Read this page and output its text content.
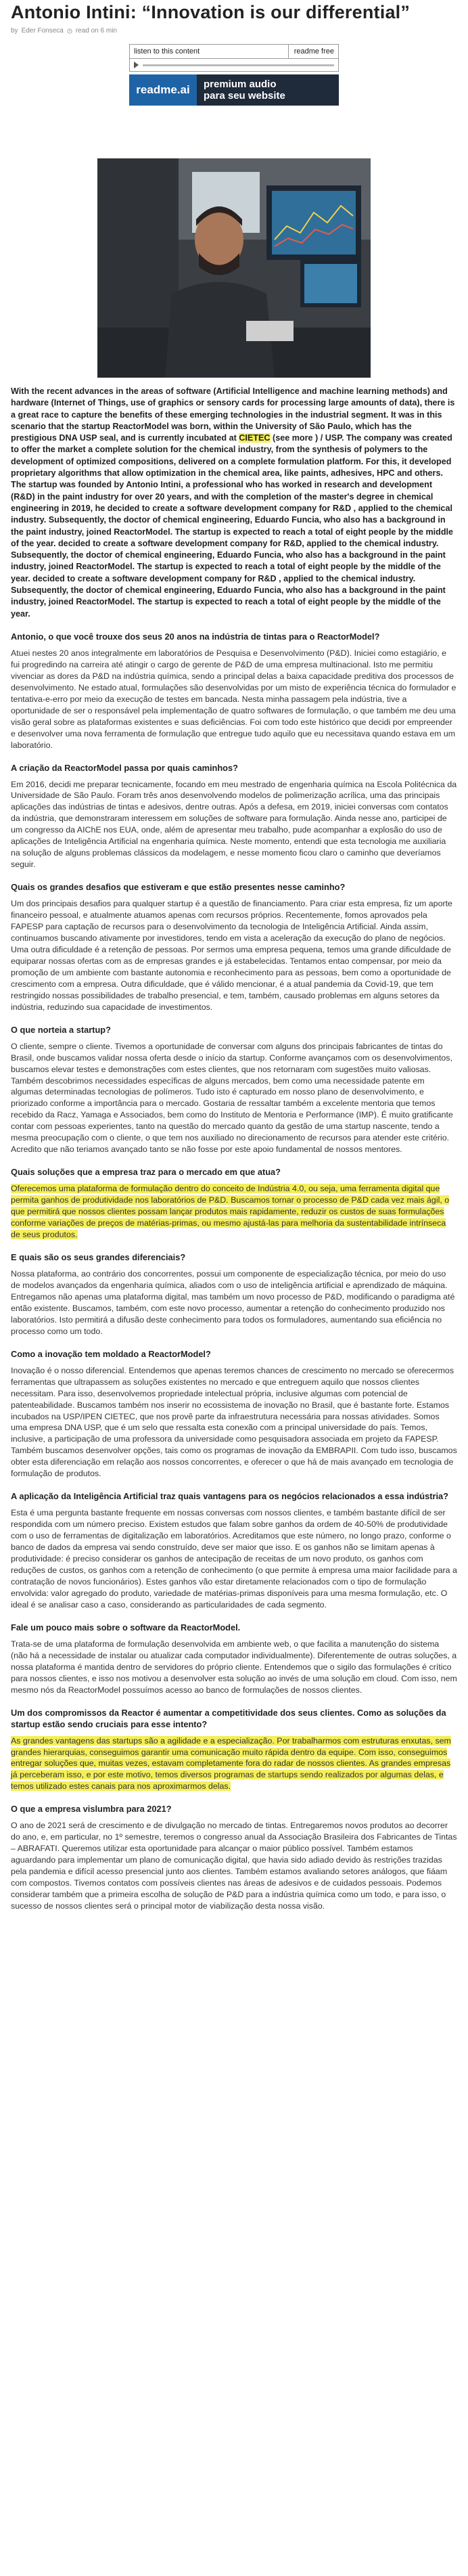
Antonio Intini: “Innovation is our differential”
by Eder Fonseca read on 6 min
listen to this content	readme free
readme.ai	premium audio
para seu website

With the recent advances in the areas of software (Artificial Intelligence and machine learning methods) and hardware (Internet of Things, use of graphics or sensory cards for processing large amounts of data), there is a great race to capture the benefits of these emerging technologies in the industrial segment. It was in this scenario that the startup ReactorModel was born, within the University of São Paulo, which has the prestigious DNA USP seal, and is currently incubated at CIETEC (see more ) / USP. The company was created to offer the market a complete solution for the chemical industry, from the synthesis of polymers to the development of optimized compositions, delivered on a complete formulation platform. For this, it developed proprietary algorithms that allow optimization in the chemical area, like paints, adhesives, HPC and others. The startup was founded by Antonio Intini, a professional who has worked in research and development (R&D) in the paint industry for over 20 years, and with the completion of the master's degree in chemical engineering in 2019, he decided to create a software development company for R&D , applied to the chemical industry. Subsequently, the doctor of chemical engineering, Eduardo Funcia, who also has a background in the paint industry, joined ReactorModel. The startup is expected to reach a total of eight people by the middle of the year. decided to create a software development company for R&D, applied to the chemical industry. Subsequently, the doctor of chemical engineering, Eduardo Funcia, who also has a background in the paint industry, joined ReactorModel. The startup is expected to reach a total of eight people by the middle of the year. decided to create a software development company for R&D , applied to the chemical industry. Subsequently, the doctor of chemical engineering, Eduardo Funcia, who also has a background in the paint industry, joined ReactorModel. The startup is expected to reach a total of eight people by the middle of the year.

Antonio, o que você trouxe dos seus 20 anos na indústria de tintas para o ReactorModel?

Atuei nestes 20 anos integralmente em laboratórios de Pesquisa e Desenvolvimento (P&D). Iniciei como estagiário, e fui progredindo na carreira até atingir o cargo de gerente de P&D de uma empresa multinacional. Isto me permitiu vivenciar as dores da P&D na indústria química, sendo a principal delas a baixa capacidade preditiva dos processos de desenvolvimento. Ne estado atual, formulações são desenvolvidas por um misto de experiência técnica do formulador e tentativa-e-erro por meio da execução de testes em bancada. Nesta minha passagem pela indústria, tive a oportunidade de ser o responsável pela implementação de quatro softwares de formulação, o que também me deu uma visão geral sobre as plataformas existentes e suas deficiências. Foi com todo este histórico que decidi por empreender e desenvolver uma nova ferramenta de formulação que entregue tudo aquilo que eu necessitava quando estava em um laboratório.

A criação da ReactorModel passa por quais caminhos?

Em 2016, decidi me preparar tecnicamente, focando em meu mestrado de engenharia química na Escola Politécnica da Universidade de São Paulo. Foram três anos desenvolvendo modelos de polimerização acrílica, uma das principais aplicações das indústrias de tintas e adesivos, dentre outras. Após a defesa, em 2019, iniciei conversas com contatos da indústria, que demonstraram interessem em soluções de software para formulação. Ainda nesse ano, participei de um congresso da AIChE nos EUA, onde, além de apresentar meu trabalho, pude acompanhar a explosão do uso de aplicações de Inteligência Artificial na engenharia química. Neste momento, entendi que esta tecnologia me auxiliaria na solução de alguns problemas clássicos da modelagem, e nesse momento ficou claro o caminho que deveríamos seguir.

Quais os grandes desafios que estiveram e que estão presentes nesse caminho?

Um dos principais desafios para qualquer startup é a questão de financiamento. Para criar esta empresa, fiz um aporte financeiro pessoal, e atualmente atuamos apenas com recursos próprios. Recentemente, fomos aprovados pela FAPESP para captação de recursos para o desenvolvimento da tecnologia de Inteligência Artificial. Ainda assim, continuamos buscando ativamente por investidores, tendo em vista a aceleração da execução do plano de negócios. Uma outra dificuldade é a retenção de pessoas. Por sermos uma empresa pequena, temos uma grande dificuldade de equiparar nossas ofertas com as de empresas grandes e já estabelecidas. Tentamos entao compensar, por meio da promoção de um ambiente com bastante autonomia e reconhecimento para as pessoas, bem como a oportunidade de crescimento com a empresa. Outra dificuldade, que é válido mencionar, é a atual pandemia da Covid-19, que tem restringido nossas possibilidades de trabalho presencial, e tem, também, causado problemas em alguns setores da indústria, reduzindo sua capacidade de investimentos.

O que norteia a startup?

O cliente, sempre o cliente. Tivemos a oportunidade de conversar com alguns dos principais fabricantes de tintas do Brasil, onde buscamos validar nossa oferta desde o início da startup. Conforme avançamos com os desenvolvimentos, buscamos elevar testes e demonstrações com estes clientes, que nos retornaram com sugestões muito valiosas. Também descobrimos necessidades específicas de alguns mercados, bem como uma necessidade patente em algumas determinadas tecnologias de polímeros. Tudo isto é capturado em nosso plano de desenvolvimento, e priorizado conforme a importância para o mercado. Gostaria de ressaltar também a excelente mentoria que temos recebido da Racz, Yamaga e Associados, bem como do Instituto de Mentoria e Performance (IMP). É muito gratificante contar com pessoas experientes, tanto na questão do mercado quanto da gestão de uma startup nascente, tendo a mesma preocupação com o cliente, o que tem nos auxiliado no direcionamento de recursos para atender este critério. Acredito que não teriamos avançado tanto se não fosse por este apoio fundamental de nossos mentores.

Quais soluções que a empresa traz para o mercado em que atua?

Oferecemos uma plataforma de formulação dentro do conceito de Indústria 4.0, ou seja, uma ferramenta digital que permita ganhos de produtividade nos laboratórios de P&D. Buscamos tornar o processo de P&D cada vez mais ágil, o que permitirá que nossos clientes possam lançar produtos mais rapidamente, reduzir os custos de suas formulações conforme variações de preços de matérias-primas, ou mesmo ajustá-las para melhoria da sustentabilidade intrínseca de seus produtos.

E quais são os seus grandes diferenciais?

Nossa plataforma, ao contrário dos concorrentes, possui um componente de especialização técnica, por meio do uso de modelos avançados da engenharia química, aliados com o uso de inteligência artificial e aprendizado de máquina. Entregamos não apenas uma plataforma digital, mas também um novo processo de P&D, modificando o paradigma até então existente. Buscamos, também, com este novo processo, aumentar a retenção do conhecimento produzido nos laboratórios. Isto permitirá a difusão deste conhecimento para todos os formuladores, aumentando sua eficiência no processo como um todo.

Como a inovação tem moldado a ReactorModel?

Inovação é o nosso diferencial. Entendemos que apenas teremos chances de crescimento no mercado se oferecermos ferramentas que ultrapassem as soluções existentes no mercado e que entreguem aquilo que nossos clientes necessitam. Para isso, desenvolvemos propriedade intelectual própria, inclusive algumas com potencial de patenteabilidade. Buscamos também nos inserir no ecossistema de inovação no Brasil, que é bastante forte. Estamos incubados na USP/IPEN CIETEC, que nos provê parte da infraestrutura necessária para nossas atividades. Somos uma empresa DNA USP, que é um selo que ressalta esta conexão com a principal universidade do país. Temos, inclusive, a participação de uma professora da universidade como pesquisadora associada em projeto da FAPESP. Também buscamos desenvolver opções, tais como os programas de inovação da EMBRAPII. Com tudo isso, buscamos obter esta diferenciação em relação aos nossos concorrentes, e oferecer o que há de mais avançado em tecnologia de formulação de produtos.

A aplicação da Inteligência Artificial traz quais vantagens para os negócios relacionados a essa indústria?

Esta é uma pergunta bastante frequente em nossas conversas com nossos clientes, e também bastante difícil de ser respondida com um número preciso. Existem estudos que falam sobre ganhos da ordem de 40-50% de produtividade com o uso de ferramentas de digitalização em laboratórios. Acreditamos que este número, no longo prazo, conforme o banco de dados da empresa vai sendo construído, deve ser maior que isso. E os ganhos não se limitam apenas à produtividade: é preciso considerar os ganhos de antecipação de receitas de um novo produto, os ganhos com reduções de custos, os ganhos com a retenção de conhecimento (o que permite à empresa uma maior facilidade para a contratação de novos funcionários). Estes ganhos vão estar diretamente relacionados com o tipo de formulação envolvida: valor agregado do produto, variedade de matérias-primas disponíveis para uma mesma formulação, etc. O ideal é se analisar caso a caso, considerando as particularidades de cada segmento.

Fale um pouco mais sobre o software da ReactorModel.

Trata-se de uma plataforma de formulação desenvolvida em ambiente web, o que facilita a manutenção do sistema (não há a necessidade de instalar ou atualizar cada computador individualmente). Diferentemente de outras soluções, a nossa plataforma é mantida dentro de servidores do próprio cliente. Entendemos que o sigilo das formulações é crítico para nossos clientes, e isso nos motivou a desenvolver esta solução ao invés de uma solução em cloud. Com isso, nem mesmo nós da ReactorModel possuímos acesso ao banco de formulações de nossos clientes.

Um dos compromissos da Reactor é aumentar a competitividade dos seus clientes. Como as soluções da startup estão sendo cruciais para esse intento?

As grandes vantagens das startups são a agilidade e a especialização. Por trabalharmos com estruturas enxutas, sem grandes hierarquias, conseguimos garantir uma comunicação muito rápida dentro da equipe. Com isso, conseguimos entregar soluções que, muitas vezes, estavam completamente fora do radar de nossos clientes. As grandes empresas já perceberam isso, e por este motivo, temos diversos programas de startups sendo realizados por algumas delas, e temos utilizado estes canais para nos aproximarmos delas.

O que a empresa vislumbra para 2021?

O ano de 2021 será de crescimento e de divulgação no mercado de tintas. Entregaremos novos produtos ao decorrer do ano, e, em particular, no 1º semestre, teremos o congresso anual da Associação Brasileira dos Fabricantes de Tintas – ABRAFATI. Queremos utilizar esta oportunidade para alcançar o maior público possível. Também estamos aguardando para implementar um plano de comunicação digital, que havia sido adiado devido às restrições trazidas pela pandemia e difícil acesso presencial junto aos clientes. Também estamos avaliando setores análogos, que fiáam com compostos. Tivemos contatos com possíveis clientes nas áreas de adesivos e de cuidados pessoais. Podemos considerar também que a primeira escolha de solução de P&D para a indústria química como um todo, e para isso, o sucesso de nossos clientes será o principal motor de viabilização desta nossa visão.
